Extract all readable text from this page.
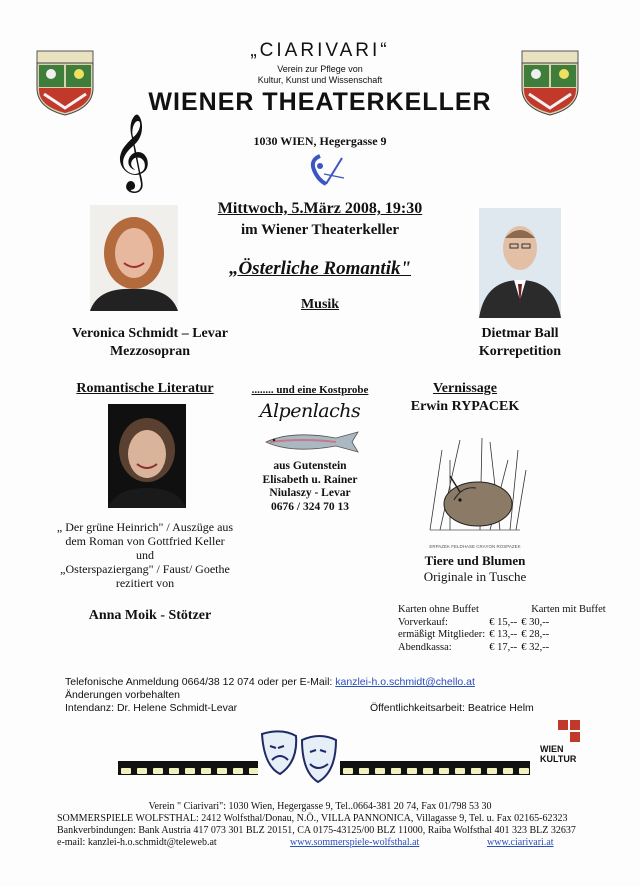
„CIARIVARI“
Verein zur Pflege von
Kultur, Kunst und Wissenschaft
WIENER THEATERKELLER
1030 WIEN, Hegergasse 9
𝄞
Mittwoch, 5.März 2008, 19:30
im Wiener Theaterkeller
„Österliche Romantik"
Musik
Veronica Schmidt – Levar
Mezzosopran
Dietmar Ball
Korrepetition
Romantische Literatur
„ Der grüne Heinrich" / Auszüge aus
dem Roman von Gottfried Keller
und
„Osterspaziergang" / Faust/ Goethe
rezitiert von
Anna Moik - Stötzer
........ und eine Kostprobe
Alpenlachs
aus Gutenstein
Elisabeth u. Rainer
Niulaszy - Levar
0676 / 324 70 13
Vernissage
Erwin RYPACEK
ERPAZEK FELDHASE CRAYON ROSPAZEK
Tiere und Blumen
Originale in Tusche
Karten ohne Buffet		Karten mit Buffet
Vorverkauf:	€ 15,--	€ 30,--
ermäßigt Mitglieder:	€ 13,--	€ 28,--
Abendkassa:	€ 17,--	€ 32,--
Telefonische Anmeldung 0664/38 12 074 oder per E-Mail: kanzlei-h.o.schmidt@chello.at
Änderungen vorbehalten
Intendanz: Dr. Helene Schmidt-Levar	Öffentlichkeitsarbeit: Beatrice Helm
WIEN
KULTUR
Verein " Ciarivari": 1030 Wien, Hegergasse 9, Tel..0664-381 20 74, Fax 01/798 53 30
SOMMERSPIELE WOLFSTHAL: 2412 Wolfsthal/Donau, N.Ö., VILLA PANNONICA, Villagasse 9, Tel. u. Fax 02165-62323
Bankverbindungen: Bank Austria 417 073 301 BLZ 20151, CA 0175-43125/00 BLZ 11000, Raiba Wolfsthal 401 323 BLZ 32637
e-mail: kanzlei-h.o.schmidt@teleweb.at	www.sommerspiele-wolfsthal.at	www.ciarivari.at
